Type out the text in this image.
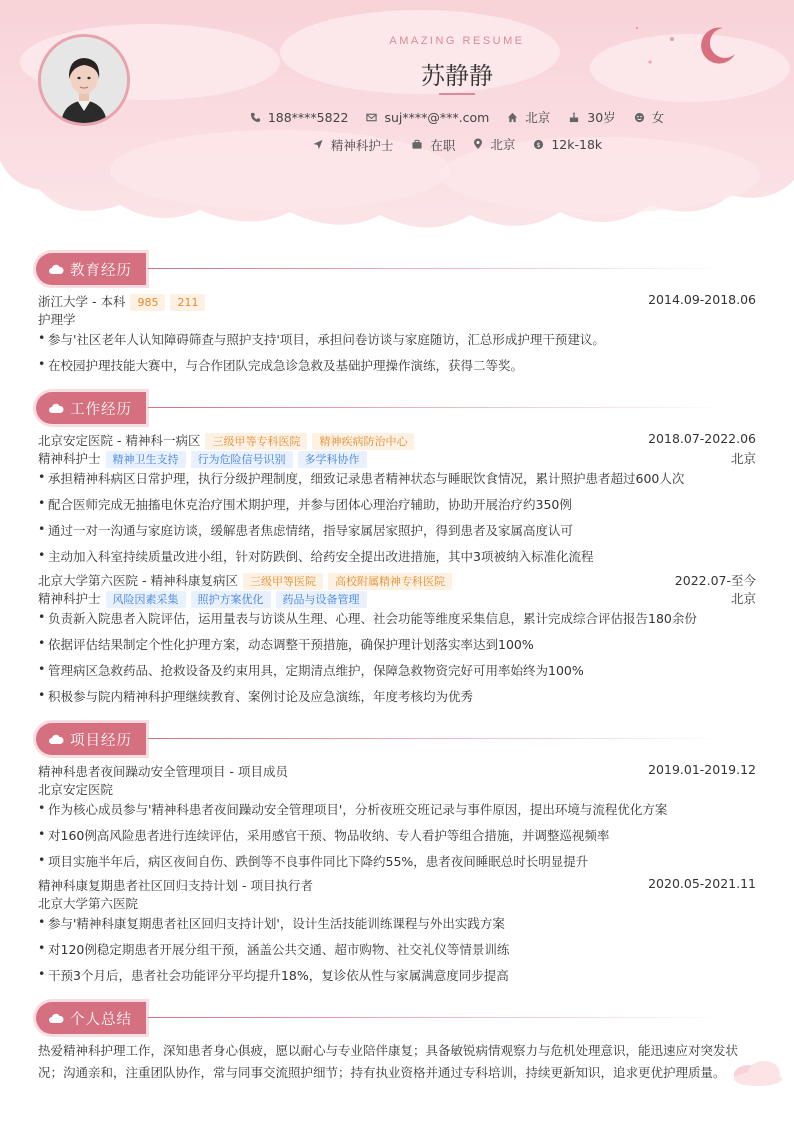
AMAZING RESUME
苏静静
188****5822
	suj****@***.com
	北京
	30岁
	女
精神科护士
	在职
	北京
	$ 12k-18k
教育经历
浙江大学 - 本科 985 211	2014.09-2018.06
护理学
• 参与'社区老年人认知障碍筛查与照护支持'项目，承担问卷访谈与家庭随访，汇总形成护理干预建议。
• 在校园护理技能大赛中，与合作团队完成急诊急救及基础护理操作演练，获得二等奖。
工作经历
北京安定医院 - 精神科一病区 三级甲等专科医院 精神疾病防治中心	2018.07-2022.06
精神科护士 精神卫生支持 行为危险信号识别 多学科协作	北京
• 承担精神科病区日常护理，执行分级护理制度，细致记录患者精神状态与睡眠饮食情况，累计照护患者超过600人次
• 配合医师完成无抽搐电休克治疗围术期护理，并参与团体心理治疗辅助，协助开展治疗约350例
• 通过一对一沟通与家庭访谈，缓解患者焦虑情绪，指导家属居家照护，得到患者及家属高度认可
• 主动加入科室持续质量改进小组，针对防跌倒、给药安全提出改进措施，其中3项被纳入标准化流程
北京大学第六医院 - 精神科康复病区 三级甲等医院 高校附属精神专科医院	2022.07-至今
精神科护士 风险因素采集 照护方案优化 药品与设备管理	北京
• 负责新入院患者入院评估，运用量表与访谈从生理、心理、社会功能等维度采集信息，累计完成综合评估报告180余份
• 依据评估结果制定个性化护理方案，动态调整干预措施，确保护理计划落实率达到100%
• 管理病区急救药品、抢救设备及约束用具，定期清点维护，保障急救物资完好可用率始终为100%
• 积极参与院内精神科护理继续教育、案例讨论及应急演练，年度考核均为优秀
项目经历
精神科患者夜间躁动安全管理项目 - 项目成员	2019.01-2019.12
北京安定医院
• 作为核心成员参与'精神科患者夜间躁动安全管理项目'，分析夜班交班记录与事件原因，提出环境与流程优化方案
• 对160例高风险患者进行连续评估，采用感官干预、物品收纳、专人看护等组合措施，并调整巡视频率
• 项目实施半年后，病区夜间自伤、跌倒等不良事件同比下降约55%，患者夜间睡眠总时长明显提升
精神科康复期患者社区回归支持计划 - 项目执行者	2020.05-2021.11
北京大学第六医院
• 参与'精神科康复期患者社区回归支持计划'，设计生活技能训练课程与外出实践方案
• 对120例稳定期患者开展分组干预，涵盖公共交通、超市购物、社交礼仪等情景训练
• 干预3个月后，患者社会功能评分平均提升18%，复诊依从性与家属满意度同步提高
个人总结
热爱精神科护理工作，深知患者身心俱疲，愿以耐心与专业陪伴康复；具备敏锐病情观察力与危机处理意识，能迅速应对突发状况；沟通亲和，注重团队协作，常与同事交流照护细节；持有执业资格并通过专科培训，持续更新知识，追求更优护理质量。
